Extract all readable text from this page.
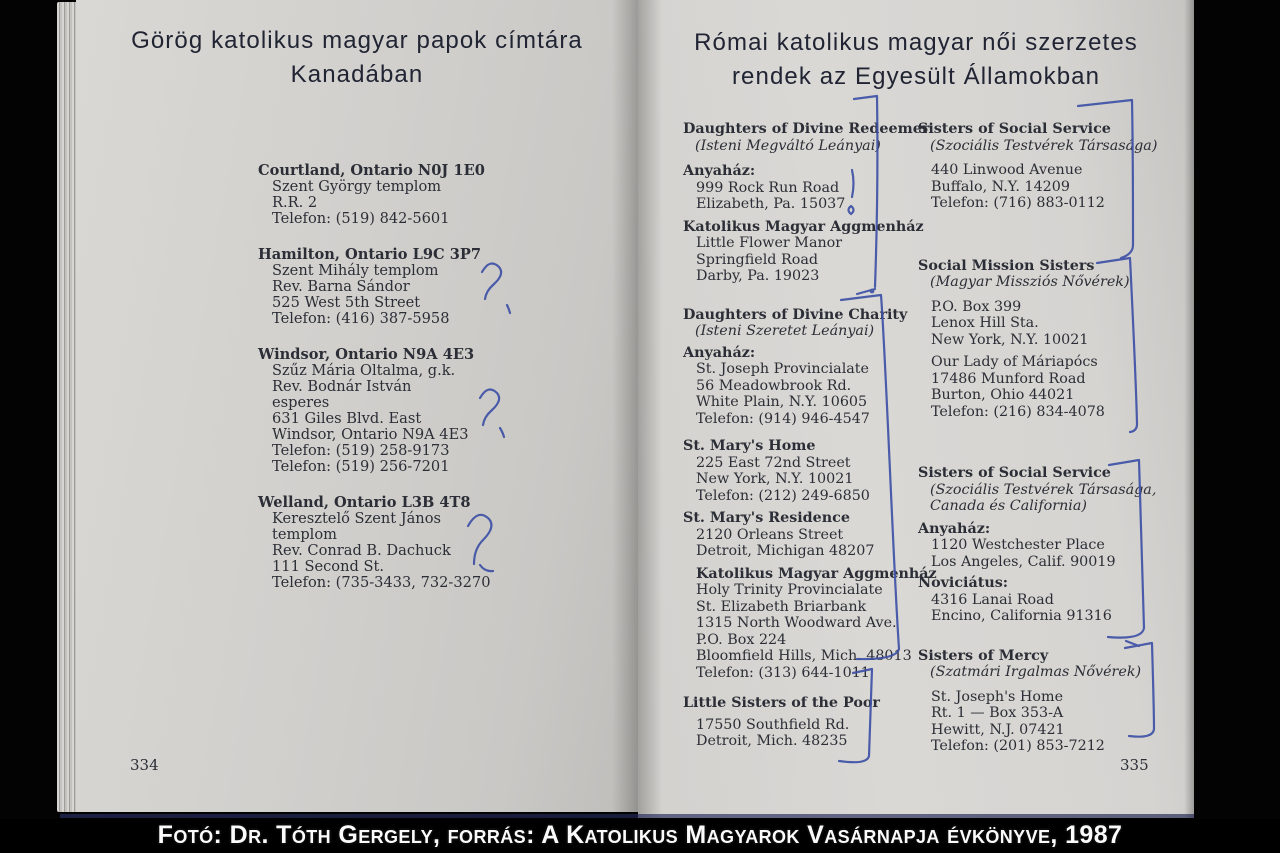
Görög katolikus magyar papok címtára
Kanadában
Courtland, Ontario N0J 1E0
Szent György templom
R.R. 2
Telefon: (519) 842-5601
Hamilton, Ontario L9C 3P7
Szent Mihály templom
Rev. Barna Sándor
525 West 5th Street
Telefon: (416) 387-5958
Windsor, Ontario N9A 4E3
Szűz Mária Oltalma, g.k.
Rev. Bodnár István
esperes
631 Giles Blvd. East
Windsor, Ontario N9A 4E3
Telefon: (519) 258-9173
Telefon: (519) 256-7201
Welland, Ontario L3B 4T8
Keresztelő Szent János
templom
Rev. Conrad B. Dachuck
111 Second St.
Telefon: (735-3433, 732-3270
334
Római katolikus magyar női szerzetes
rendek az Egyesült Államokban
Daughters of Divine Redeemer
(Isteni Megváltó Leányai)
Anyaház:
999 Rock Run Road
Elizabeth, Pa. 15037
Katolikus Magyar Aggmenház
Little Flower Manor
Springfield Road
Darby, Pa. 19023
Daughters of Divine Charity
(Isteni Szeretet Leányai)
Anyaház:
St. Joseph Provincialate
56 Meadowbrook Rd.
White Plain, N.Y. 10605
Telefon: (914) 946-4547
St. Mary's Home
225 East 72nd Street
New York, N.Y. 10021
Telefon: (212) 249-6850
St. Mary's Residence
2120 Orleans Street
Detroit, Michigan 48207
Katolikus Magyar Aggmenház
Holy Trinity Provincialate
St. Elizabeth Briarbank
1315 North Woodward Ave.
P.O. Box 224
Bloomfield Hills, Mich. 48013
Telefon: (313) 644-1011
Little Sisters of the Poor
17550 Southfield Rd.
Detroit, Mich. 48235
Sisters of Social Service
(Szociális Testvérek Társasága)
440 Linwood Avenue
Buffalo, N.Y. 14209
Telefon: (716) 883-0112
Social Mission Sisters
(Magyar Missziós Nővérek)
P.O. Box 399
Lenox Hill Sta.
New York, N.Y. 10021
Our Lady of Máriapócs
17486 Munford Road
Burton, Ohio 44021
Telefon: (216) 834-4078
Sisters of Social Service
(Szociális Testvérek Társasága,
Canada és California)
Anyaház:
1120 Westchester Place
Los Angeles, Calif. 90019
Noviciátus:
4316 Lanai Road
Encino, California 91316
Sisters of Mercy
(Szatmári Irgalmas Nővérek)
St. Joseph's Home
Rt. 1 — Box 353-A
Hewitt, N.J. 07421
Telefon: (201) 853-7212
335
Fotó: Dr. Tóth Gergely, forrás: A Katolikus Magyarok Vasárnapja évkönyve, 1987
